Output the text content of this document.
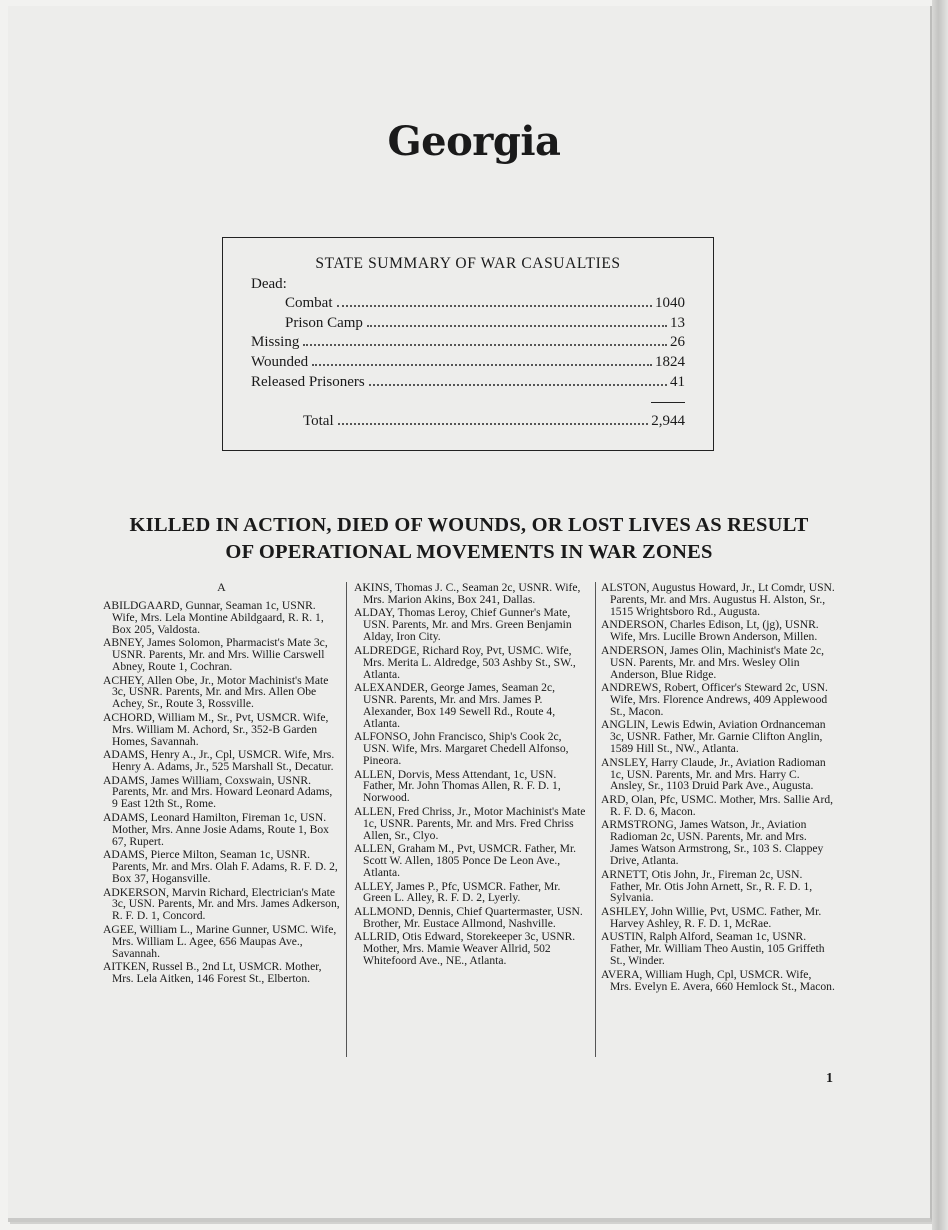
Georgia
STATE SUMMARY OF WAR CASUALTIES
Dead:
Combat	1040
Prison Camp	13
Missing	26
Wounded	1824
Released Prisoners	41
Total	2,944
KILLED IN ACTION, DIED OF WOUNDS, OR LOST LIVES AS RESULT
OF OPERATIONAL MOVEMENTS IN WAR ZONES
A
ABILDGAARD, Gunnar, Seaman 1c, USNR. Wife, Mrs. Lela Montine Abildgaard, R. R. 1, Box 205, Valdosta.
ABNEY, James Solomon, Pharmacist's Mate 3c, USNR. Parents, Mr. and Mrs. Willie Carswell Abney, Route 1, Cochran.
ACHEY, Allen Obe, Jr., Motor Machinist's Mate 3c, USNR. Parents, Mr. and Mrs. Allen Obe Achey, Sr., Route 3, Rossville.
ACHORD, William M., Sr., Pvt, USMCR. Wife, Mrs. William M. Achord, Sr., 352-B Garden Homes, Savannah.
ADAMS, Henry A., Jr., Cpl, USMCR. Wife, Mrs. Henry A. Adams, Jr., 525 Marshall St., Decatur.
ADAMS, James William, Coxswain, USNR. Parents, Mr. and Mrs. Howard Leonard Adams, 9 East 12th St., Rome.
ADAMS, Leonard Hamilton, Fireman 1c, USN. Mother, Mrs. Anne Josie Adams, Route 1, Box 67, Rupert.
ADAMS, Pierce Milton, Seaman 1c, USNR. Parents, Mr. and Mrs. Olah F. Adams, R. F. D. 2, Box 37, Hogansville.
ADKERSON, Marvin Richard, Electrician's Mate 3c, USN. Parents, Mr. and Mrs. James Adkerson, R. F. D. 1, Concord.
AGEE, William L., Marine Gunner, USMC. Wife, Mrs. William L. Agee, 656 Maupas Ave., Savannah.
AITKEN, Russel B., 2nd Lt, USMCR. Mother, Mrs. Lela Aitken, 146 Forest St., Elberton.
AKINS, Thomas J. C., Seaman 2c, USNR. Wife, Mrs. Marion Akins, Box 241, Dallas.
ALDAY, Thomas Leroy, Chief Gunner's Mate, USN. Parents, Mr. and Mrs. Green Benjamin Alday, Iron City.
ALDREDGE, Richard Roy, Pvt, USMC. Wife, Mrs. Merita L. Aldredge, 503 Ashby St., SW., Atlanta.
ALEXANDER, George James, Seaman 2c, USNR. Parents, Mr. and Mrs. James P. Alexander, Box 149 Sewell Rd., Route 4, Atlanta.
ALFONSO, John Francisco, Ship's Cook 2c, USN. Wife, Mrs. Margaret Chedell Alfonso, Pineora.
ALLEN, Dorvis, Mess Attendant, 1c, USN. Father, Mr. John Thomas Allen, R. F. D. 1, Norwood.
ALLEN, Fred Chriss, Jr., Motor Machinist's Mate 1c, USNR. Parents, Mr. and Mrs. Fred Chriss Allen, Sr., Clyo.
ALLEN, Graham M., Pvt, USMCR. Father, Mr. Scott W. Allen, 1805 Ponce De Leon Ave., Atlanta.
ALLEY, James P., Pfc, USMCR. Father, Mr. Green L. Alley, R. F. D. 2, Lyerly.
ALLMOND, Dennis, Chief Quartermaster, USN. Brother, Mr. Eustace Allmond, Nashville.
ALLRID, Otis Edward, Storekeeper 3c, USNR. Mother, Mrs. Mamie Weaver Allrid, 502 Whitefoord Ave., NE., Atlanta.
ALSTON, Augustus Howard, Jr., Lt Comdr, USN. Parents, Mr. and Mrs. Augustus H. Alston, Sr., 1515 Wrightsboro Rd., Augusta.
ANDERSON, Charles Edison, Lt, (jg), USNR. Wife, Mrs. Lucille Brown Anderson, Millen.
ANDERSON, James Olin, Machinist's Mate 2c, USN. Parents, Mr. and Mrs. Wesley Olin Anderson, Blue Ridge.
ANDREWS, Robert, Officer's Steward 2c, USN. Wife, Mrs. Florence Andrews, 409 Applewood St., Macon.
ANGLIN, Lewis Edwin, Aviation Ordnanceman 3c, USNR. Father, Mr. Garnie Clifton Anglin, 1589 Hill St., NW., Atlanta.
ANSLEY, Harry Claude, Jr., Aviation Radioman 1c, USN. Parents, Mr. and Mrs. Harry C. Ansley, Sr., 1103 Druid Park Ave., Augusta.
ARD, Olan, Pfc, USMC. Mother, Mrs. Sallie Ard, R. F. D. 6, Macon.
ARMSTRONG, James Watson, Jr., Aviation Radioman 2c, USN. Parents, Mr. and Mrs. James Watson Armstrong, Sr., 103 S. Clappey Drive, Atlanta.
ARNETT, Otis John, Jr., Fireman 2c, USN. Father, Mr. Otis John Arnett, Sr., R. F. D. 1, Sylvania.
ASHLEY, John Willie, Pvt, USMC. Father, Mr. Harvey Ashley, R. F. D. 1, McRae.
AUSTIN, Ralph Alford, Seaman 1c, USNR. Father, Mr. William Theo Austin, 105 Griffeth St., Winder.
AVERA, William Hugh, Cpl, USMCR. Wife, Mrs. Evelyn E. Avera, 660 Hemlock St., Macon.
1
